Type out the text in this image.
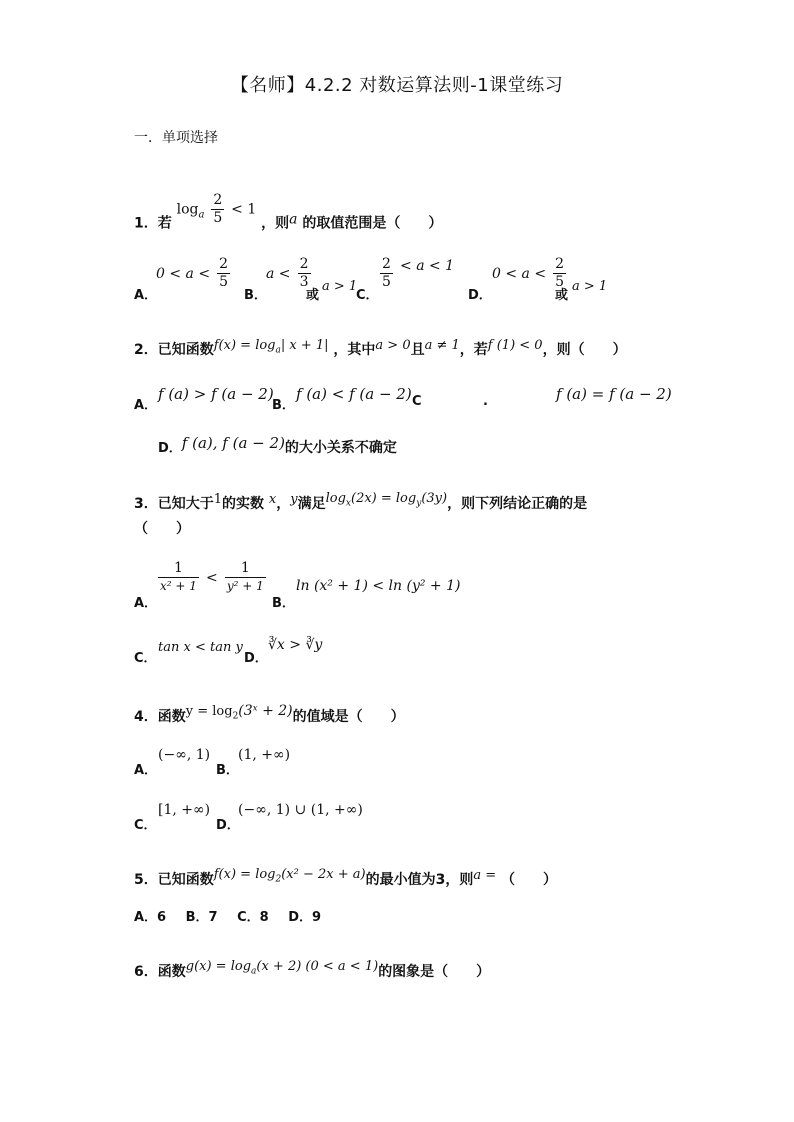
【名师】4.2.2 对数运算法则-1课堂练习
一．单项选择
1．若 $\log_a \frac{2}{5} < 1$ ，则a 的取值范围是（　　）
A．
$0 < a < \frac{2}{5}$
B．
$a < \frac{2}{3}$
或
a > 1
C．
$\frac{2}{5} < a < 1$
D．
$0 < a < \frac{2}{5}$
或
a > 1
2．已知函数$f(x) = \log_a|$ x + 1| ，其中a > 0且a ≠ 1，若f (1) < 0，则（　　）
A．
f (a) > f (a − 2)
B．
f (a) < f (a − 2) C	.	f (a) = f (a − 2)
D．f (a), f (a − 2)的大小关系不确定
3．已知大于1的实数 x，y满足$\log_x(2x) = \log_y(3y)$，则下列结论正确的是
（　　）
A．
$\frac{1}{\text{x² + 1}} < \frac{1}{\text{y² + 1}}$
B．
ln (x² + 1) < ln (y² + 1)
C．
tan x < tan y
D．
∛x > ∛y
4．函数$y = \log_2(3ˣ + 2)$的值域是（　　）
A．
(−∞, 1)
B．
(1, +∞)
C．
[1, +∞)
D．
(−∞, 1) ∪ (1, +∞)
5．已知函数$f(x) = \log_2(x^2 - 2x + a)$的最小值为3，则a = （　　）
A．6　 B．7　 C．8　 D．9
6．函数$g(x) = \log_a(x + 2) (0 < a < 1)$的图象是（　　）
